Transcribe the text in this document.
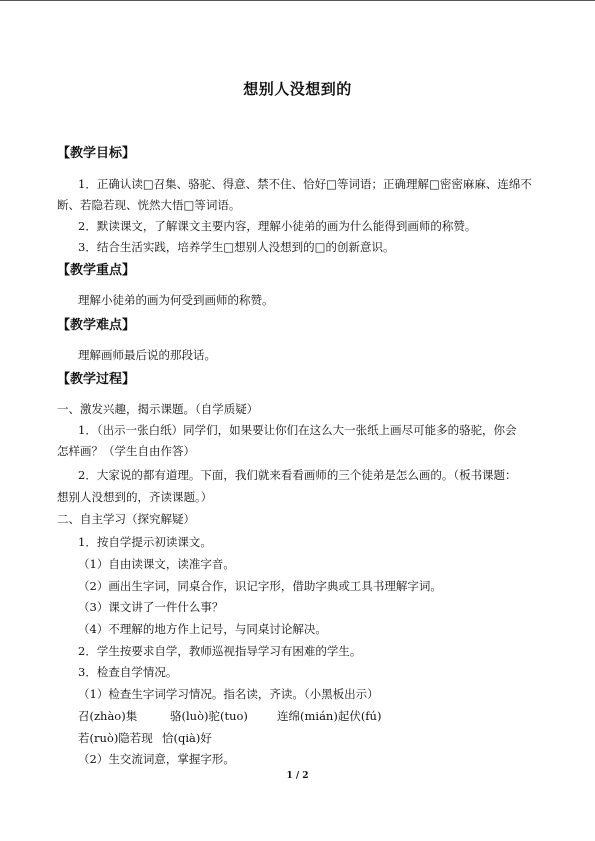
想别人没想到的
【教学目标】
1．正确认读□召集、骆驼、得意、禁不住、恰好□等词语；正确理解□密密麻麻、连绵不
断、若隐若现、恍然大悟□等词语。
2．默读课文，了解课文主要内容，理解小徒弟的画为什么能得到画师的称赞。
3．结合生活实践，培养学生□想别人没想到的□的创新意识。
【教学重点】
理解小徒弟的画为何受到画师的称赞。
【教学难点】
理解画师最后说的那段话。
【教学过程】
一、激发兴趣，揭示课题。（自学质疑）
1．（出示一张白纸）同学们，如果要让你们在这么大一张纸上画尽可能多的骆驼，你会
怎样画？（学生自由作答）
2．大家说的都有道理。下面，我们就来看看画师的三个徒弟是怎么画的。（板书课题：
想别人没想到的，齐读课题。）
二、自主学习（探究解疑）
1．按自学提示初读课文。
（1）自由读课文，读准字音。
（2）画出生字词，同桌合作，识记字形，借助字典或工具书理解字词。
（3）课文讲了一件什么事？
（4）不理解的地方作上记号，与同桌讨论解决。
2．学生按要求自学，教师巡视指导学习有困难的学生。
3．检查自学情况。
（1）检查生字词学习情况。指名读，齐读。（小黑板出示）
召(zhào)集	骆(luò)驼(tuo)	连绵(mián)起伏(fú)
若(ruò)隐若现 恰(qià)好
（2）生交流词意，掌握字形。
1 / 2
